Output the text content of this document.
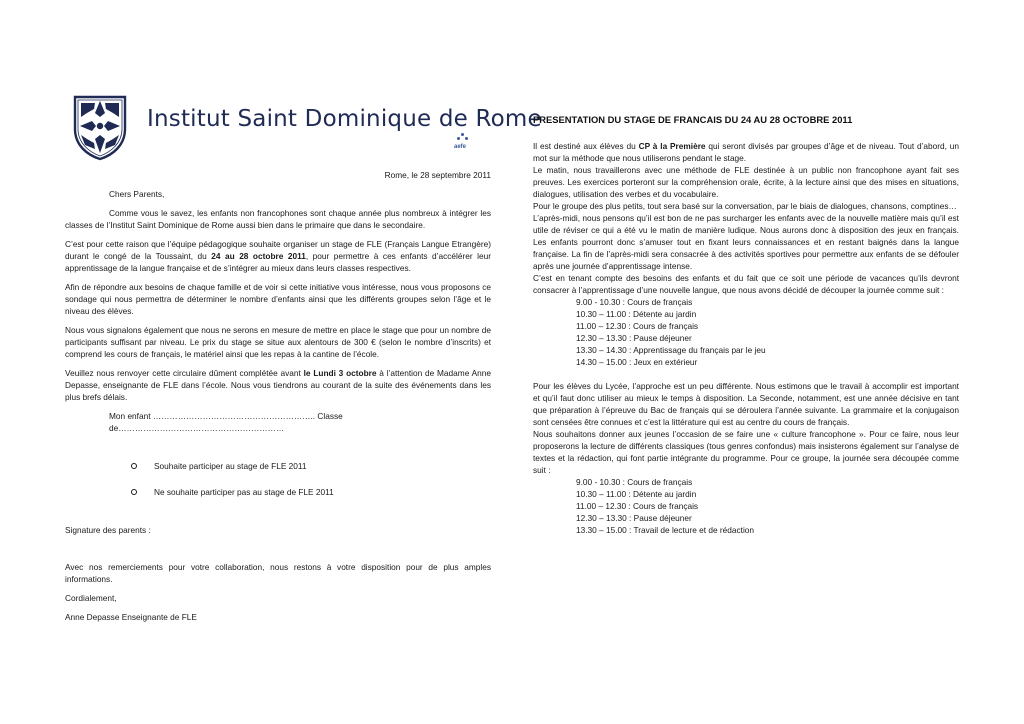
Institut Saint Dominique de Rome
aefe

Rome, le 28 septembre 2011

Chers Parents,

Comme vous le savez, les enfants non francophones sont chaque année plus nombreux à intégrer les classes de l’Institut Saint Dominique de Rome aussi bien dans le primaire que dans le secondaire.

C’est pour cette raison que l’équipe pédagogique souhaite organiser un stage de FLE (Français Langue Etrangère) durant le congé de la Toussaint, du 24 au 28 octobre 2011, pour permettre à ces enfants d’accélérer leur apprentissage de la langue française et de s’intégrer au mieux dans leurs classes respectives.

Afin de répondre aux besoins de chaque famille et de voir si cette initiative vous intéresse, nous vous proposons ce sondage qui nous permettra de déterminer le nombre d’enfants ainsi que les différents groupes selon l’âge et le niveau des élèves.

Nous vous signalons également que nous ne serons en mesure de mettre en place le stage que pour un nombre de participants suffisant par niveau. Le prix du stage se situe aux alentours de 300 € (selon le nombre d’inscrits) et comprend les cours de français, le matériel ainsi que les repas à la cantine de l’école.

Veuillez nous renvoyer cette circulaire dûment complétée avant le Lundi 3 octobre à l’attention de Madame Anne Depasse, enseignante de FLE dans l’école. Nous vous tiendrons au courant de la suite des événements dans les plus brefs délais.

Mon enfant ………………………………………………….. Classe de……………………………………………………

Souhaite participer au stage de FLE 2011
Ne souhaite participer pas au stage de FLE 2011

Signature des parents :

Avec nos remerciements pour votre collaboration, nous restons à votre disposition pour de plus amples informations.

Cordialement,

Anne Depasse Enseignante de FLE

PRESENTATION DU STAGE DE FRANCAIS DU 24 AU 28 OCTOBRE 2011

Il est destiné aux élèves du CP à la Première qui seront divisés par groupes d’âge et de niveau. Tout d’abord, un mot sur la méthode que nous utiliserons pendant le stage.

Le matin, nous travaillerons avec une méthode de FLE destinée à un public non francophone ayant fait ses preuves. Les exercices porteront sur la compréhension orale, écrite, à la lecture ainsi que des mises en situations, dialogues, utilisation des verbes et du vocabulaire.

Pour le groupe des plus petits, tout sera basé sur la conversation, par le biais de dialogues, chansons, comptines…

L’après-midi, nous pensons qu’il est bon de ne pas surcharger les enfants avec de la nouvelle matière mais qu’il est utile de réviser ce qui a été vu le matin de manière ludique. Nous aurons donc à disposition des jeux en français. Les enfants pourront donc s’amuser tout en fixant leurs connaissances et en restant baignés dans la langue française. La fin de l’après-midi sera consacrée à des activités sportives pour permettre aux enfants de se défouler après une journée d’apprentissage intense.

C’est en tenant compte des besoins des enfants et du fait que ce soit une période de vacances qu’ils devront consacrer à l’apprentissage d’une nouvelle langue, que nous avons décidé de découper la journée comme suit :

9.00 - 10.30 : Cours de français
10.30 – 11.00 : Détente au jardin
11.00 – 12.30 : Cours de français
12.30 – 13.30 : Pause déjeuner
13.30 – 14.30 : Apprentissage du français par le jeu
14.30 – 15.00 : Jeux en extérieur

Pour les élèves du Lycée, l’approche est un peu différente. Nous estimons que le travail à accomplir est important et qu’il faut donc utiliser au mieux le temps à disposition. La Seconde, notamment, est une année décisive en tant que préparation à l’épreuve du Bac de français qui se déroulera l’année suivante. La grammaire et la conjugaison sont censées être connues et c’est la littérature qui est au centre du cours de français.

Nous souhaitons donner aux jeunes l’occasion de se faire une « culture francophone ». Pour ce faire, nous leur proposerons la lecture de différents classiques (tous genres confondus) mais insisterons également sur l’analyse de textes et la rédaction, qui font partie intégrante du programme. Pour ce groupe, la journée sera découpée comme suit :

9.00 - 10.30 : Cours de français
10.30 – 11.00 : Détente au jardin
11.00 – 12.30 : Cours de français
12.30 – 13.30 : Pause déjeuner
13.30 – 15.00 : Travail de lecture et de rédaction
